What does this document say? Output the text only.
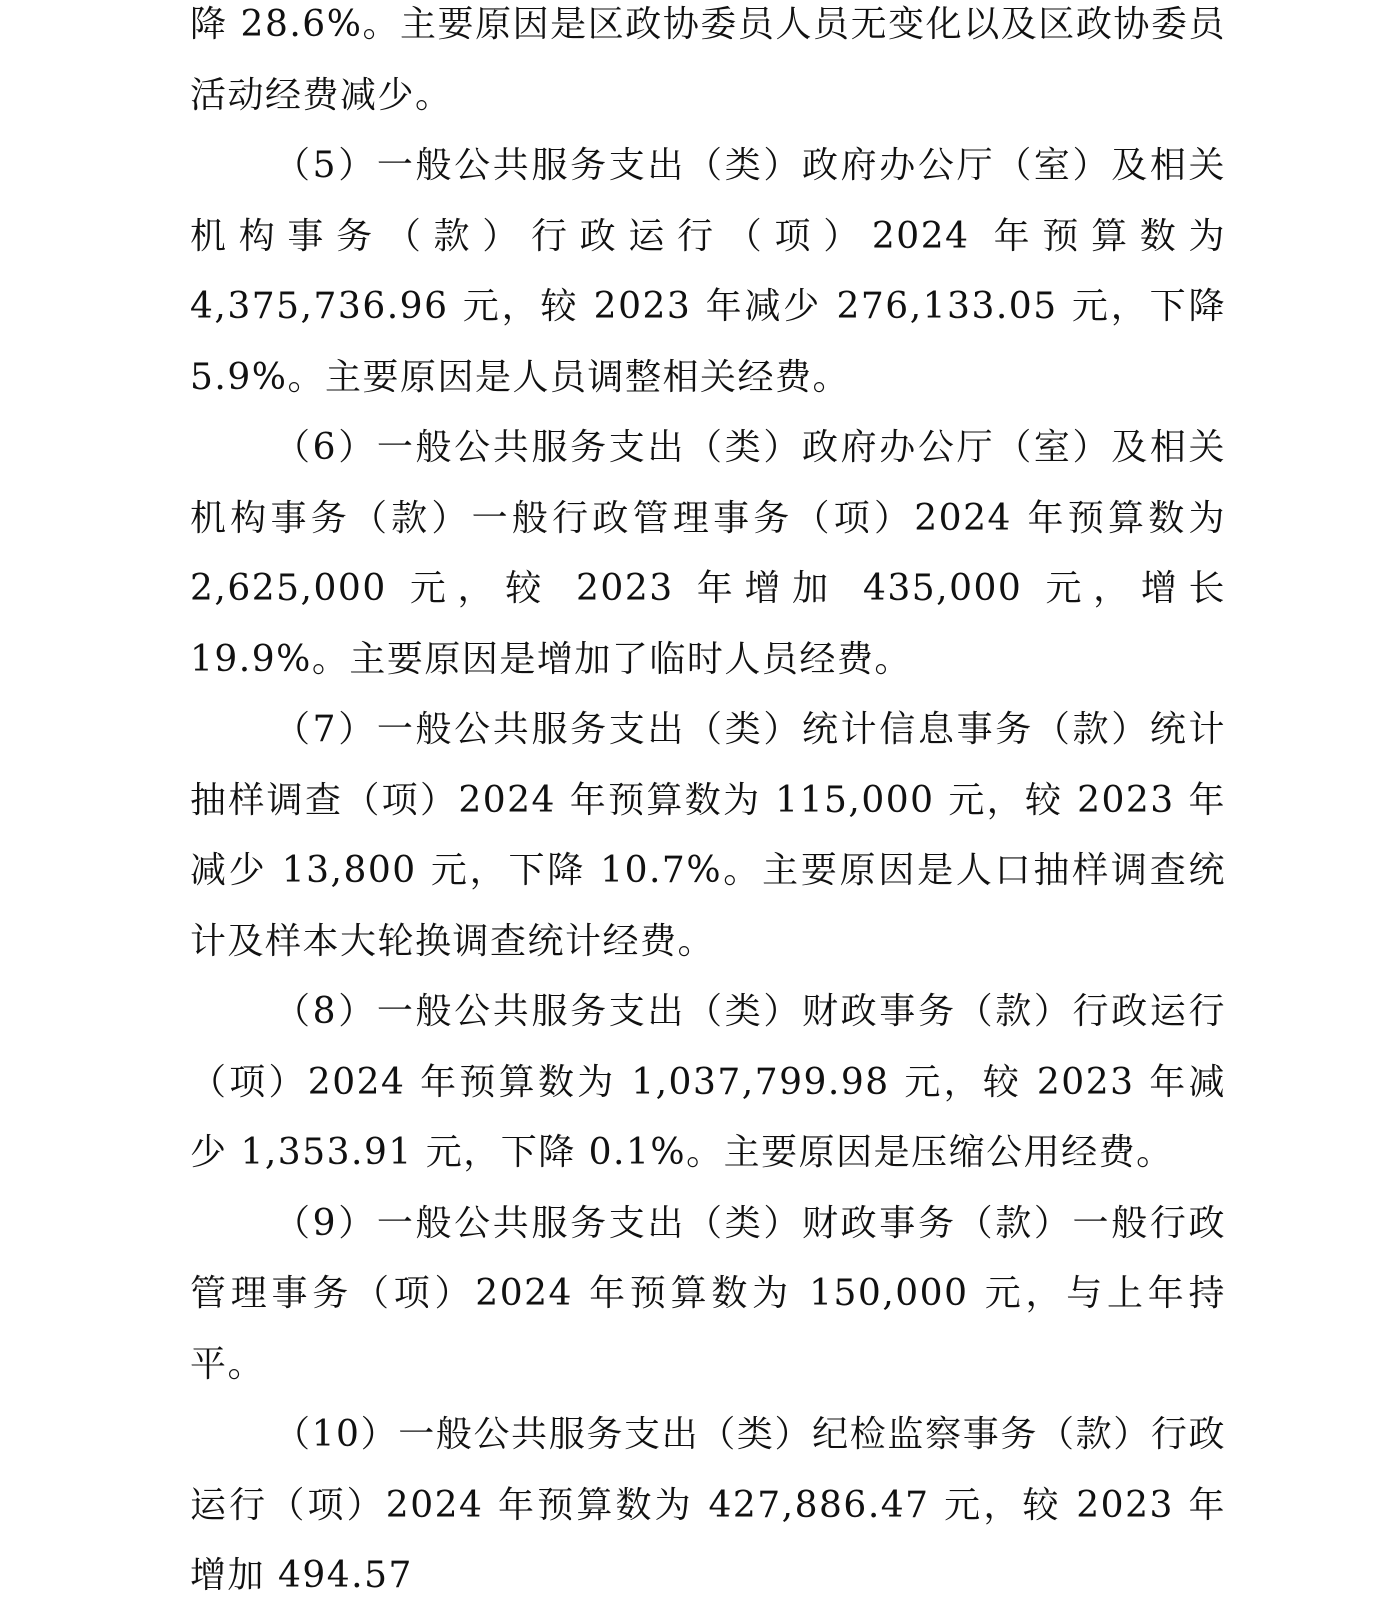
降 28.6%。主要原因是区政协委员人员无变化以及区政协委员活动经费减少。

（5）一般公共服务支出（类）政府办公厅（室）及相关机构事务（款）行政运行（项）2024 年预算数为 4,375,736.96 元，较 2023 年减少 276,133.05 元，下降 5.9%。主要原因是人员调整相关经费。

（6）一般公共服务支出（类）政府办公厅（室）及相关机构事务（款）一般行政管理事务（项）2024 年预算数为 2,625,000 元，较 2023 年增加 435,000 元，增长 19.9%。主要原因是增加了临时人员经费。

（7）一般公共服务支出（类）统计信息事务（款）统计抽样调查（项）2024 年预算数为 115,000 元，较 2023 年减少 13,800 元，下降 10.7%。主要原因是人口抽样调查统计及样本大轮换调查统计经费。

（8）一般公共服务支出（类）财政事务（款）行政运行（项）2024 年预算数为 1,037,799.98 元，较 2023 年减少 1,353.91 元，下降 0.1%。主要原因是压缩公用经费。

（9）一般公共服务支出（类）财政事务（款）一般行政管理事务（项）2024 年预算数为 150,000 元，与上年持平。

（10）一般公共服务支出（类）纪检监察事务（款）行政运行（项）2024 年预算数为 427,886.47 元，较 2023 年增加 494.57
